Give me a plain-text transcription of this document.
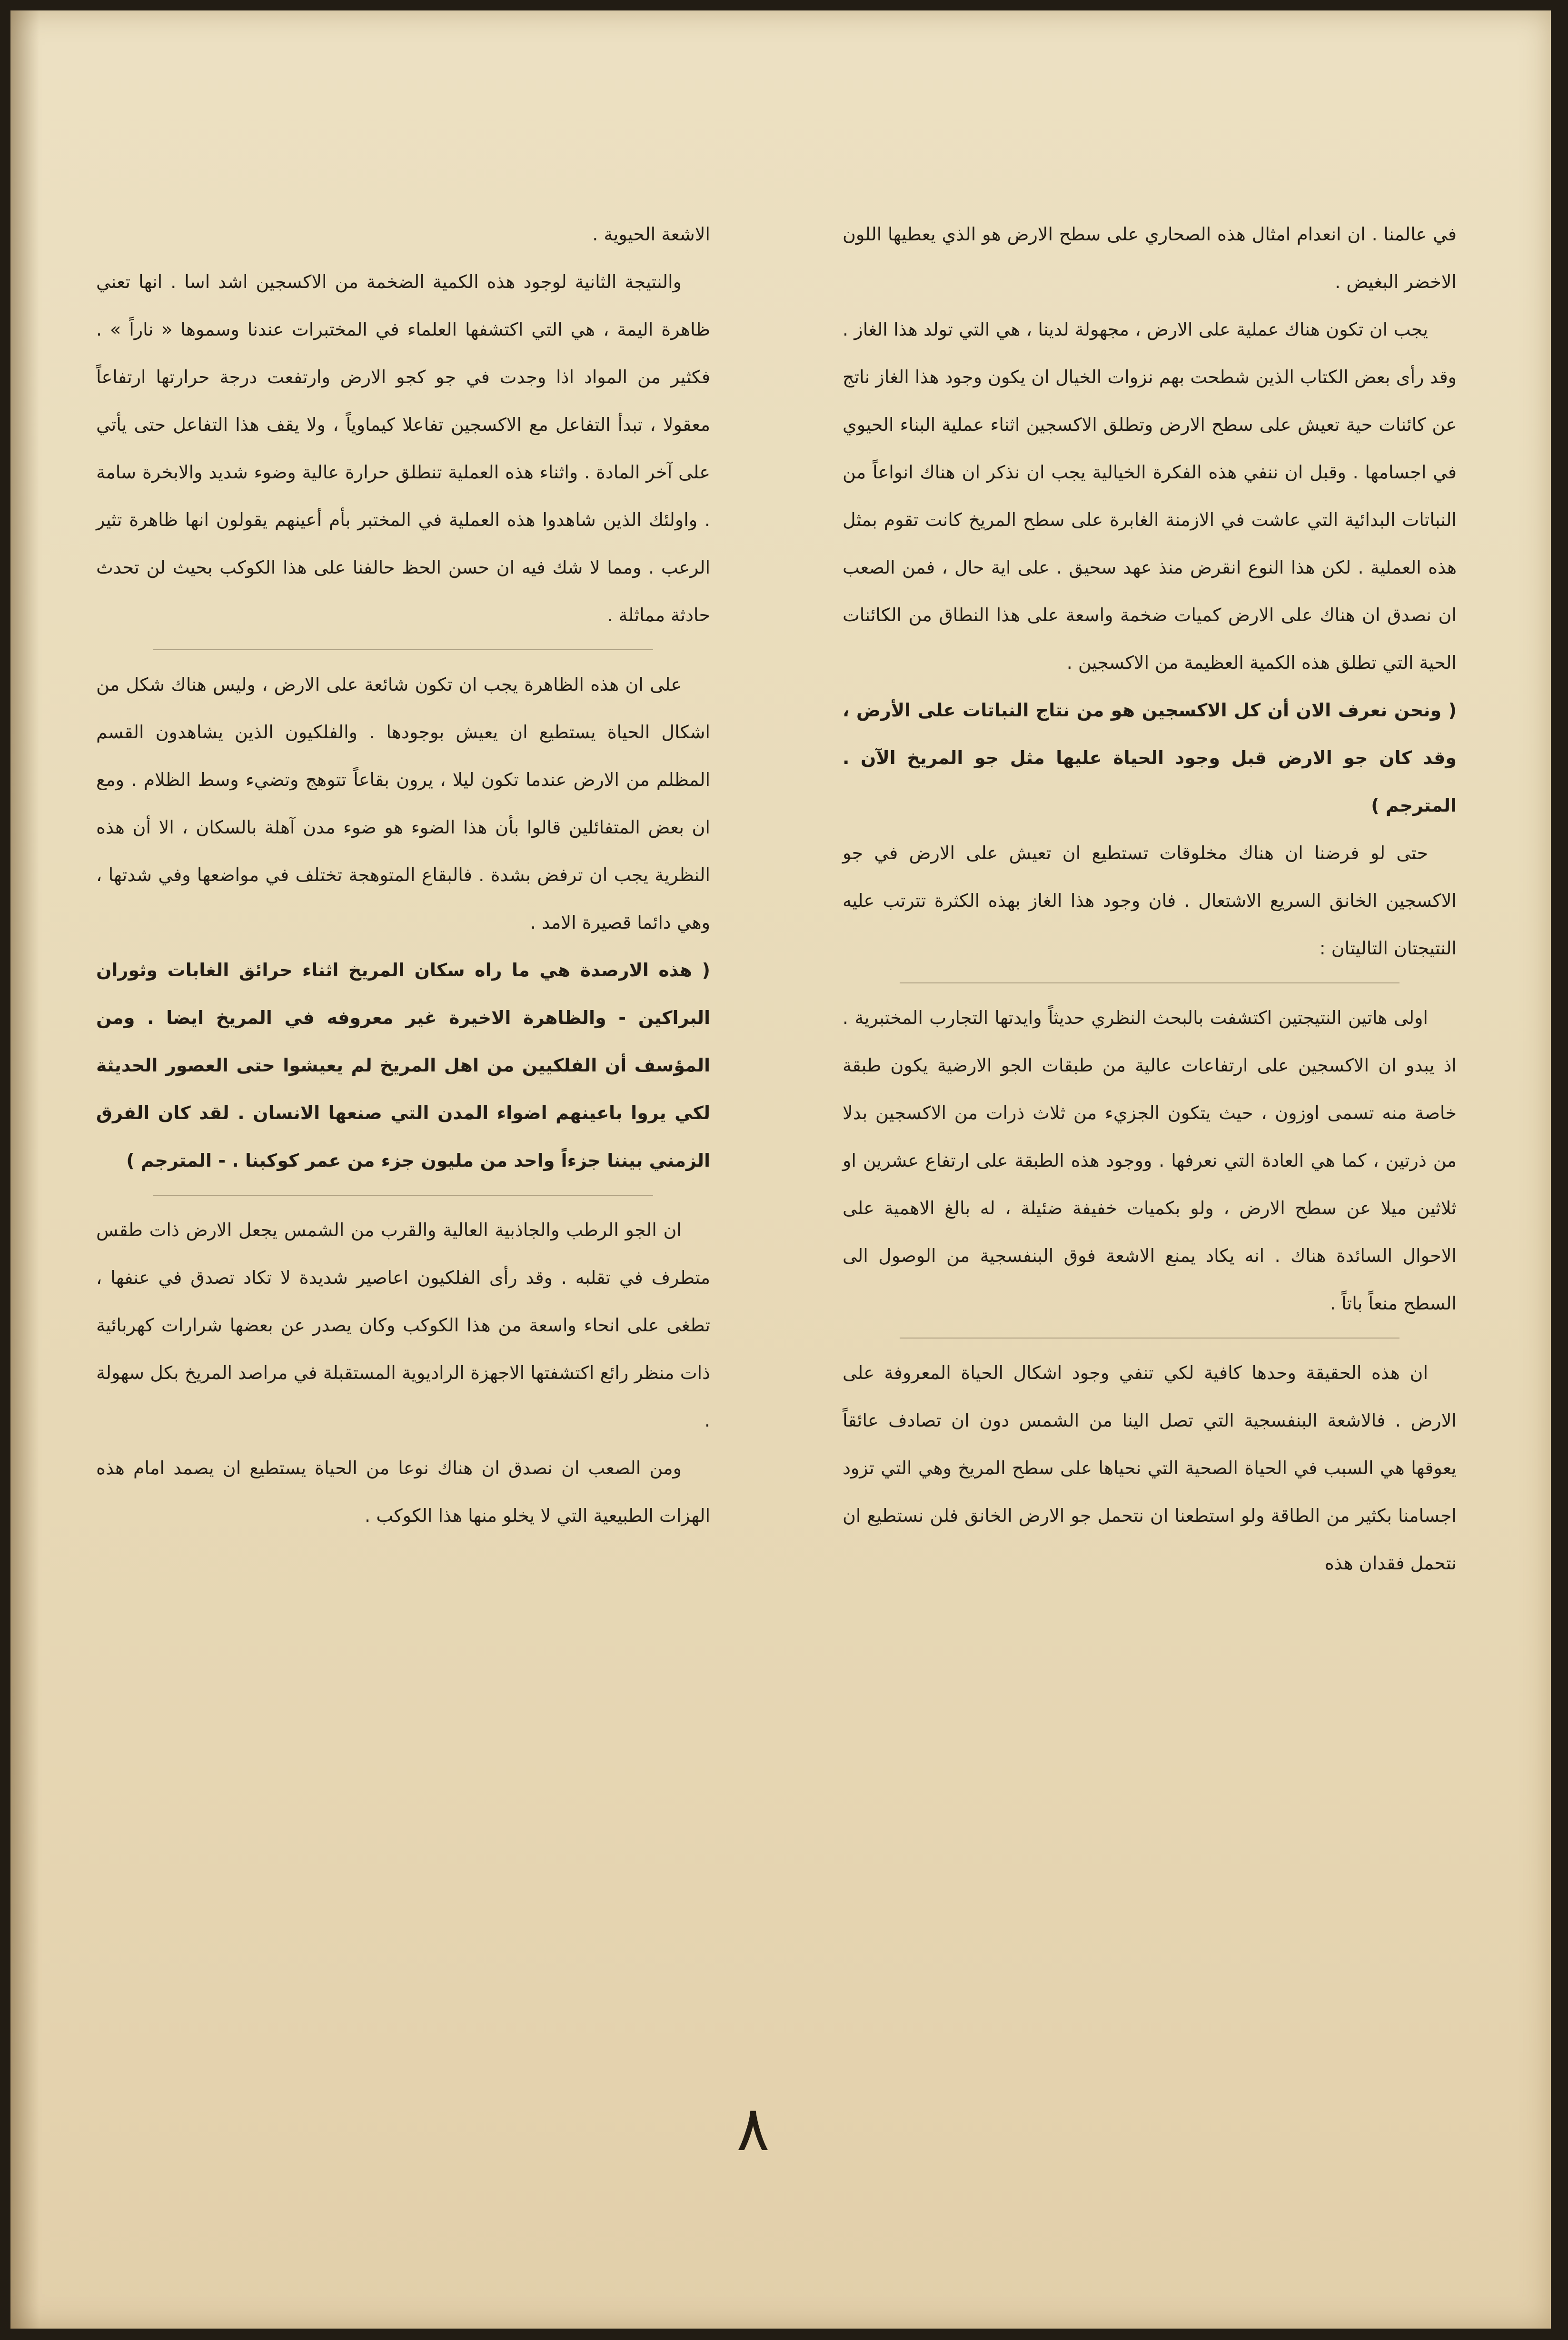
في عالمنا . ان انعدام امثال هذه الصحاري على سطح الارض هو الذي يعطيها اللون الاخضر البغيض .

يجب ان تكون هناك عملية على الارض ، مجهولة لدينا ، هي التي تولد هذا الغاز . وقد رأى بعض الكتاب الذين شطحت بهم نزوات الخيال ان يكون وجود هذا الغاز ناتج عن كائنات حية تعيش على سطح الارض وتطلق الاكسجين اثناء عملية البناء الحيوي في اجسامها . وقبل ان ننفي هذه الفكرة الخيالية يجب ان نذكر ان هناك انواعاً من النباتات البدائية التي عاشت في الازمنة الغابرة على سطح المريخ كانت تقوم بمثل هذه العملية . لكن هذا النوع انقرض منذ عهد سحيق . على اية حال ، فمن الصعب ان نصدق ان هناك على الارض كميات ضخمة واسعة على هذا النطاق من الكائنات الحية التي تطلق هذه الكمية العظيمة من الاكسجين .

( ونحن نعرف الان أن كل الاكسجين هو من نتاج النباتات على الأرض ، وقد كان جو الارض قبل وجود الحياة عليها مثل جو المريخ الآن . المترجم )

حتى لو فرضنا ان هناك مخلوقات تستطيع ان تعيش على الارض في جو الاكسجين الخانق السريع الاشتعال . فان وجود هذا الغاز بهذه الكثرة تترتب عليه النتيجتان التاليتان :

اولى هاتين النتيجتين اكتشفت بالبحث النظري حديثاً وايدتها التجارب المختبرية . اذ يبدو ان الاكسجين على ارتفاعات عالية من طبقات الجو الارضية يكون طبقة خاصة منه تسمى اوزون ، حيث يتكون الجزيء من ثلاث ذرات من الاكسجين بدلا من ذرتين ، كما هي العادة التي نعرفها . ووجود هذه الطبقة على ارتفاع عشرين او ثلاثين ميلا عن سطح الارض ، ولو بكميات خفيفة ضئيلة ، له بالغ الاهمية على الاحوال السائدة هناك . انه يكاد يمنع الاشعة فوق البنفسجية من الوصول الى السطح منعاً باتاً .

ان هذه الحقيقة وحدها كافية لكي تنفي وجود اشكال الحياة المعروفة على الارض . فالاشعة البنفسجية التي تصل الينا من الشمس دون ان تصادف عائقاً يعوقها هي السبب في الحياة الصحية التي نحياها على سطح المريخ وهي التي تزود اجسامنا بكثير من الطاقة ولو استطعنا ان نتحمل جو الارض الخانق فلن نستطيع ان نتحمل فقدان هذه

الاشعة الحيوية .

والنتيجة الثانية لوجود هذه الكمية الضخمة من الاكسجين اشد اسا . انها تعني ظاهرة اليمة ، هي التي اكتشفها العلماء في المختبرات عندنا وسموها « ناراً » . فكثير من المواد اذا وجدت في جو كجو الارض وارتفعت درجة حرارتها ارتفاعاً معقولا ، تبدأ التفاعل مع الاكسجين تفاعلا كيماوياً ، ولا يقف هذا التفاعل حتى يأتي على آخر المادة . واثناء هذه العملية تنطلق حرارة عالية وضوء شديد والابخرة سامة . واولئك الذين شاهدوا هذه العملية في المختبر بأم أعينهم يقولون انها ظاهرة تثير الرعب . ومما لا شك فيه ان حسن الحظ حالفنا على هذا الكوكب بحيث لن تحدث حادثة مماثلة .

على ان هذه الظاهرة يجب ان تكون شائعة على الارض ، وليس هناك شكل من اشكال الحياة يستطيع ان يعيش بوجودها . والفلكيون الذين يشاهدون القسم المظلم من الارض عندما تكون ليلا ، يرون بقاعاً تتوهج وتضيء وسط الظلام . ومع ان بعض المتفائلين قالوا بأن هذا الضوء هو ضوء مدن آهلة بالسكان ، الا أن هذه النظرية يجب ان ترفض بشدة . فالبقاع المتوهجة تختلف في مواضعها وفي شدتها ، وهي دائما قصيرة الامد .

( هذه الارصدة هي ما راه سكان المريخ اثناء حرائق الغابات وثوران البراكين - والظاهرة الاخيرة غير معروفه في المريخ ايضا . ومن المؤسف أن الفلكيين من اهل المريخ لم يعيشوا حتى العصور الحديثة لكي يروا باعينهم اضواء المدن التي صنعها الانسان . لقد كان الفرق الزمني بيننا جزءاً واحد من مليون جزء من عمر كوكبنا . - المترجم )

ان الجو الرطب والجاذبية العالية والقرب من الشمس يجعل الارض ذات طقس متطرف في تقلبه . وقد رأى الفلكيون اعاصير شديدة لا تكاد تصدق في عنفها ، تطغى على انحاء واسعة من هذا الكوكب وكان يصدر عن بعضها شرارات كهربائية ذات منظر رائع اكتشفتها الاجهزة الراديوية المستقبلة في مراصد المريخ بكل سهولة .

ومن الصعب ان نصدق ان هناك نوعا من الحياة يستطيع ان يصمد امام هذه الهزات الطبيعية التي لا يخلو منها هذا الكوكب .

٨
